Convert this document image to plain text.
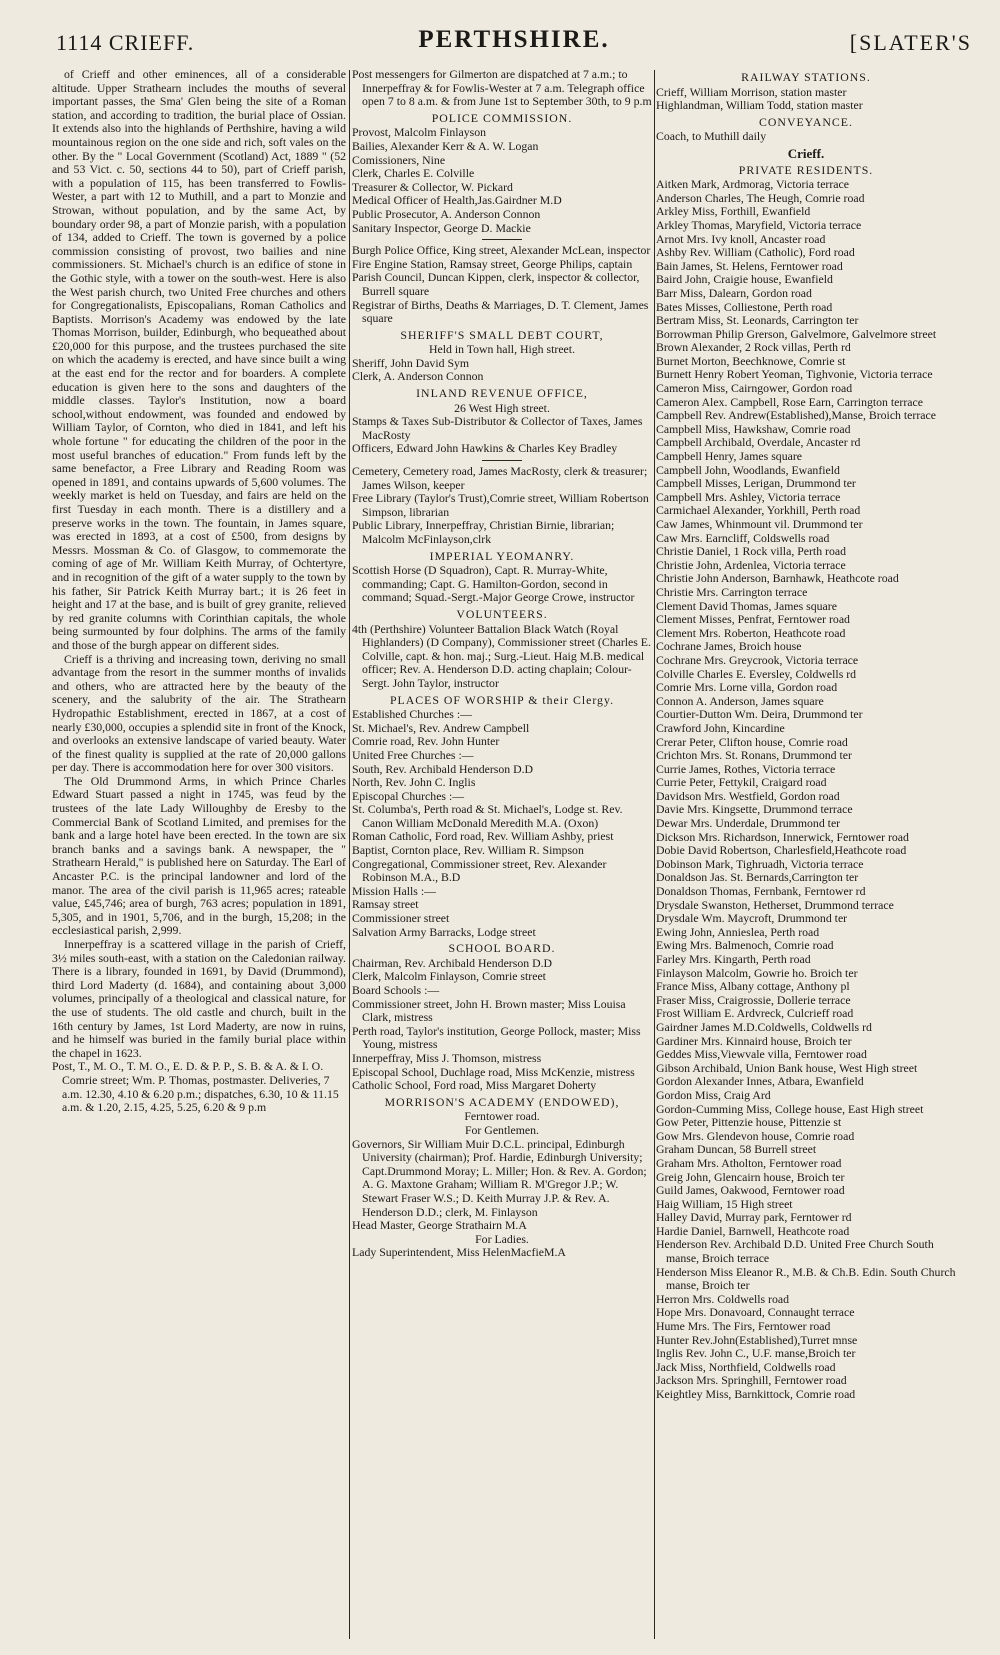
1114 CRIEFF.	PERTHSHIRE.	[SLATER'S

of Crieff and other eminences, all of a considerable altitude. Upper Strathearn includes the mouths of several important passes, the Sma' Glen being the site of a Roman station, and according to tradition, the burial place of Ossian. It extends also into the highlands of Perthshire, having a wild mountainous region on the one side and rich, soft vales on the other. By the " Local Government (Scotland) Act, 1889 " (52 and 53 Vict. c. 50, sections 44 to 50), part of Crieff parish, with a population of 115, has been transferred to Fowlis-Wester, a part with 12 to Muthill, and a part to Monzie and Strowan, without population, and by the same Act, by boundary order 98, a part of Monzie parish, with a population of 134, added to Crieff. The town is governed by a police commission consisting of provost, two bailies and nine commissioners. St. Michael's church is an edifice of stone in the Gothic style, with a tower on the south-west. Here is also the West parish church, two United Free churches and others for Congregationalists, Episcopalians, Roman Catholics and Baptists. Morrison's Academy was endowed by the late Thomas Morrison, builder, Edinburgh, who bequeathed about £20,000 for this purpose, and the trustees purchased the site on which the academy is erected, and have since built a wing at the east end for the rector and for boarders. A complete education is given here to the sons and daughters of the middle classes. Taylor's Institution, now a board school,without endowment, was founded and endowed by William Taylor, of Cornton, who died in 1841, and left his whole fortune " for educating the children of the poor in the most useful branches of education." From funds left by the same benefactor, a Free Library and Reading Room was opened in 1891, and contains upwards of 5,600 volumes. The weekly market is held on Tuesday, and fairs are held on the first Tuesday in each month. There is a distillery and a preserve works in the town. The fountain, in James square, was erected in 1893, at a cost of £500, from designs by Messrs. Mossman & Co. of Glasgow, to commemorate the coming of age of Mr. William Keith Murray, of Ochtertyre, and in recognition of the gift of a water supply to the town by his father, Sir Patrick Keith Murray bart.; it is 26 feet in height and 17 at the base, and is built of grey granite, relieved by red granite columns with Corinthian capitals, the whole being surmounted by four dolphins. The arms of the family and those of the burgh appear on different sides.

Crieff is a thriving and increasing town, deriving no small advantage from the resort in the summer months of invalids and others, who are attracted here by the beauty of the scenery, and the salubrity of the air. The Strathearn Hydropathic Establishment, erected in 1867, at a cost of nearly £30,000, occupies a splendid site in front of the Knock, and overlooks an extensive landscape of varied beauty. Water of the finest quality is supplied at the rate of 20,000 gallons per day. There is accommodation here for over 300 visitors.

The Old Drummond Arms, in which Prince Charles Edward Stuart passed a night in 1745, was feud by the trustees of the late Lady Willoughby de Eresby to the Commercial Bank of Scotland Limited, and premises for the bank and a large hotel have been erected. In the town are six branch banks and a savings bank. A newspaper, the " Strathearn Herald," is published here on Saturday. The Earl of Ancaster P.C. is the principal landowner and lord of the manor. The area of the civil parish is 11,965 acres; rateable value, £45,746; area of burgh, 763 acres; population in 1891, 5,305, and in 1901, 5,706, and in the burgh, 15,208; in the ecclesiastical parish, 2,999.

Innerpeffray is a scattered village in the parish of Crieff, 3½ miles south-east, with a station on the Caledonian railway. There is a library, founded in 1691, by David (Drummond), third Lord Maderty (d. 1684), and containing about 3,000 volumes, principally of a theological and classical nature, for the use of students. The old castle and church, built in the 16th century by James, 1st Lord Maderty, are now in ruins, and he himself was buried in the family burial place within the chapel in 1623.

Post, T., M. O., T. M. O., E. D. & P. P., S. B. & A. & I. O. Comrie street; Wm. P. Thomas, postmaster. Deliveries, 7 a.m. 12.30, 4.10 & 6.20 p.m.; dispatches, 6.30, 10 & 11.15 a.m. & 1.20, 2.15, 4.25, 5.25, 6.20 & 9 p.m

Post messengers for Gilmerton are dispatched at 7 a.m.; to Innerpeffray & for Fowlis-Wester at 7 a.m. Telegraph office open 7 to 8 a.m. & from June 1st to September 30th, to 9 p.m

POLICE COMMISSION.

Provost, Malcolm Finlayson

Bailies, Alexander Kerr & A. W. Logan

Comissioners, Nine

Clerk, Charles E. Colville

Treasurer & Collector, W. Pickard

Medical Officer of Health,Jas.Gairdner M.D

Public Prosecutor, A. Anderson Connon

Sanitary Inspector, George D. Mackie

Burgh Police Office, King street, Alexander McLean, inspector

Fire Engine Station, Ramsay street, George Philips, captain

Parish Council, Duncan Kippen, clerk, inspector & collector, Burrell square

Registrar of Births, Deaths & Marriages, D. T. Clement, James square

SHERIFF'S SMALL DEBT COURT,

Held in Town hall, High street.

Sheriff, John David Sym

Clerk, A. Anderson Connon

INLAND REVENUE OFFICE,

26 West High street.

Stamps & Taxes Sub-Distributor & Collector of Taxes, James MacRosty

Officers, Edward John Hawkins & Charles Key Bradley

Cemetery, Cemetery road, James MacRosty, clerk & treasurer; James Wilson, keeper

Free Library (Taylor's Trust),Comrie street, William Robertson Simpson, librarian

Public Library, Innerpeffray, Christian Birnie, librarian; Malcolm McFinlayson,clrk

IMPERIAL YEOMANRY.

Scottish Horse (D Squadron), Capt. R. Murray-White, commanding; Capt. G. Hamilton-Gordon, second in command; Squad.-Sergt.-Major George Crowe, instructor

VOLUNTEERS.

4th (Perthshire) Volunteer Battalion Black Watch (Royal Highlanders) (D Company), Commissioner street (Charles E. Colville, capt. & hon. maj.; Surg.-Lieut. Haig M.B. medical officer; Rev. A. Henderson D.D. acting chaplain; Colour-Sergt. John Taylor, instructor

PLACES OF WORSHIP & their Clergy.

Established Churches :—

St. Michael's, Rev. Andrew Campbell

Comrie road, Rev. John Hunter

United Free Churches :—

South, Rev. Archibald Henderson D.D

North, Rev. John C. Inglis

Episcopal Churches :—

St. Columba's, Perth road & St. Michael's, Lodge st. Rev. Canon William McDonald Meredith M.A. (Oxon)

Roman Catholic, Ford road, Rev. William Ashby, priest

Baptist, Cornton place, Rev. William R. Simpson

Congregational, Commissioner street, Rev. Alexander Robinson M.A., B.D

Mission Halls :—

Ramsay street

Commissioner street

Salvation Army Barracks, Lodge street

SCHOOL BOARD.

Chairman, Rev. Archibald Henderson D.D

Clerk, Malcolm Finlayson, Comrie street

Board Schools :—

Commissioner street, John H. Brown master; Miss Louisa Clark, mistress

Perth road, Taylor's institution, George Pollock, master; Miss Young, mistress

Innerpeffray, Miss J. Thomson, mistress

Episcopal School, Duchlage road, Miss McKenzie, mistress

Catholic School, Ford road, Miss Margaret Doherty

MORRISON'S ACADEMY (ENDOWED),

Ferntower road.

For Gentlemen.

Governors, Sir William Muir D.C.L. principal, Edinburgh University (chairman); Prof. Hardie, Edinburgh University; Capt.Drummond Moray; L. Miller; Hon. & Rev. A. Gordon; A. G. Maxtone Graham; William R. M'Gregor J.P.; W. Stewart Fraser W.S.; D. Keith Murray J.P. & Rev. A. Henderson D.D.; clerk, M. Finlayson

Head Master, George Strathairn M.A

For Ladies.

Lady Superintendent, Miss HelenMacfieM.A

RAILWAY STATIONS.

Crieff, William Morrison, station master

Highlandman, William Todd, station master

CONVEYANCE.

Coach, to Muthill daily

Crieff.

PRIVATE RESIDENTS.

Aitken Mark, Ardmorag, Victoria terrace

Anderson Charles, The Heugh, Comrie road

Arkley Miss, Forthill, Ewanfield

Arkley Thomas, Maryfield, Victoria terrace

Arnot Mrs. Ivy knoll, Ancaster road

Ashby Rev. William (Catholic), Ford road

Bain James, St. Helens, Ferntower road

Baird John, Craigie house, Ewanfield

Barr Miss, Dalearn, Gordon road

Bates Misses, Colliestone, Perth road

Bertram Miss, St. Leonards, Carrington ter

Borrowman Philip Grerson, Galvelmore, Galvelmore street

Brown Alexander, 2 Rock villas, Perth rd

Burnet Morton, Beechknowe, Comrie st

Burnett Henry Robert Yeoman, Tighvonie, Victoria terrace

Cameron Miss, Cairngower, Gordon road

Cameron Alex. Campbell, Rose Earn, Carrington terrace

Campbell Rev. Andrew(Established),Manse, Broich terrace

Campbell Miss, Hawkshaw, Comrie road

Campbell Archibald, Overdale, Ancaster rd

Campbell Henry, James square

Campbell John, Woodlands, Ewanfield

Campbell Misses, Lerigan, Drummond ter

Campbell Mrs. Ashley, Victoria terrace

Carmichael Alexander, Yorkhill, Perth road

Caw James, Whinmount vil. Drummond ter

Caw Mrs. Earncliff, Coldswells road

Christie Daniel, 1 Rock villa, Perth road

Christie John, Ardenlea, Victoria terrace

Christie John Anderson, Barnhawk, Heathcote road

Christie Mrs. Carrington terrace

Clement David Thomas, James square

Clement Misses, Penfrat, Ferntower road

Clement Mrs. Roberton, Heathcote road

Cochrane James, Broich house

Cochrane Mrs. Greycrook, Victoria terrace

Colville Charles E. Eversley, Coldwells rd

Comrie Mrs. Lorne villa, Gordon road

Connon A. Anderson, James square

Courtier-Dutton Wm. Deira, Drummond ter

Crawford John, Kincardine

Crerar Peter, Clifton house, Comrie road

Crichton Mrs. St. Ronans, Drummond ter

Currie James, Rothes, Victoria terrace

Currie Peter, Fettykil, Craigard road

Davidson Mrs. Westfield, Gordon road

Davie Mrs. Kingsette, Drummond terrace

Dewar Mrs. Underdale, Drummond ter

Dickson Mrs. Richardson, Innerwick, Ferntower road

Dobie David Robertson, Charlesfield,Heathcote road

Dobinson Mark, Tighruadh, Victoria terrace

Donaldson Jas. St. Bernards,Carrington ter

Donaldson Thomas, Fernbank, Ferntower rd

Drysdale Swanston, Hetherset, Drummond terrace

Drysdale Wm. Maycroft, Drummond ter

Ewing John, Annieslea, Perth road

Ewing Mrs. Balmenoch, Comrie road

Farley Mrs. Kingarth, Perth road

Finlayson Malcolm, Gowrie ho. Broich ter

France Miss, Albany cottage, Anthony pl

Fraser Miss, Craigrossie, Dollerie terrace

Frost William E. Ardvreck, Culcrieff road

Gairdner James M.D.Coldwells, Coldwells rd

Gardiner Mrs. Kinnaird house, Broich ter

Geddes Miss,Viewvale villa, Ferntower road

Gibson Archibald, Union Bank house, West High street

Gordon Alexander Innes, Atbara, Ewanfield

Gordon Miss, Craig Ard

Gordon-Cumming Miss, College house, East High street

Gow Peter, Pittenzie house, Pittenzie st

Gow Mrs. Glendevon house, Comrie road

Graham Duncan, 58 Burrell street

Graham Mrs. Atholton, Ferntower road

Greig John, Glencairn house, Broich ter

Guild James, Oakwood, Ferntower road

Haig William, 15 High street

Halley David, Murray park, Ferntower rd

Hardie Daniel, Barnwell, Heathcote road

Henderson Rev. Archibald D.D. United Free Church South manse, Broich terrace

Henderson Miss Eleanor R., M.B. & Ch.B. Edin. South Church manse, Broich ter

Herron Mrs. Coldwells road

Hope Mrs. Donavoard, Connaught terrace

Hume Mrs. The Firs, Ferntower road

Hunter Rev.John(Established),Turret mnse

Inglis Rev. John C., U.F. manse,Broich ter

Jack Miss, Northfield, Coldwells road

Jackson Mrs. Springhill, Ferntower road

Keightley Miss, Barnkittock, Comrie road
